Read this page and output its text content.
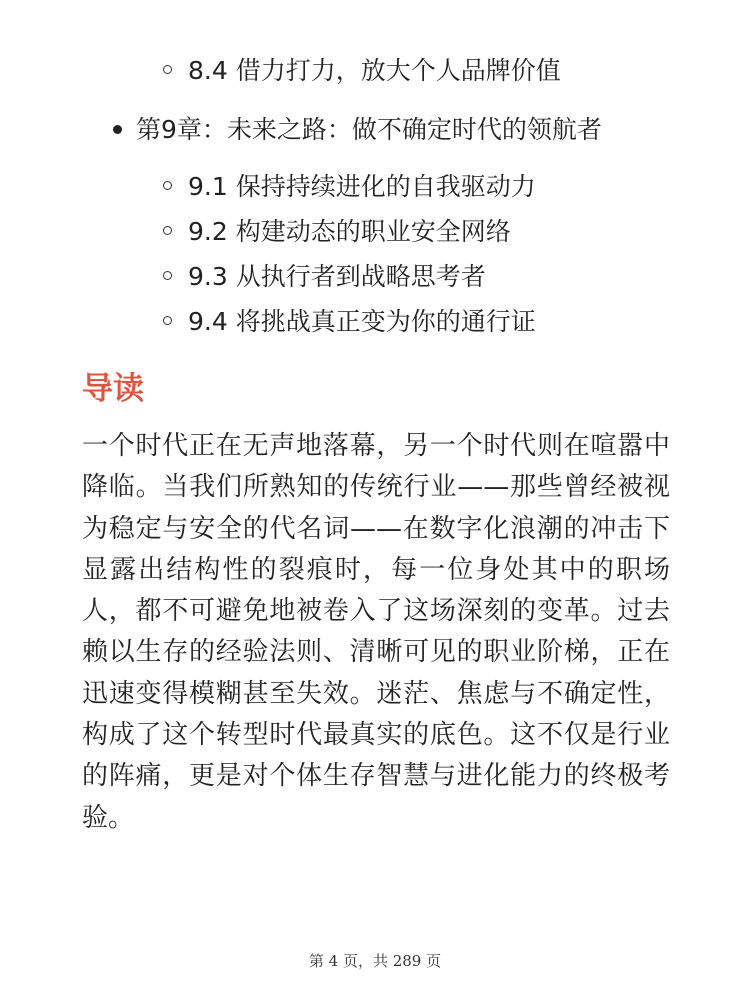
8.4 借力打力，放大个人品牌价值
第9章：未来之路：做不确定时代的领航者
9.1 保持持续进化的自我驱动力
9.2 构建动态的职业安全网络
9.3 从执行者到战略思考者
9.4 将挑战真正变为你的通行证
导读

一个时代正在无声地落幕，另一个时代则在喧嚣中降临。当我们所熟知的传统行业——那些曾经被视为稳定与安全的代名词——在数字化浪潮的冲击下显露出结构性的裂痕时，每一位身处其中的职场人，都不可避免地被卷入了这场深刻的变革。过去赖以生存的经验法则、清晰可见的职业阶梯，正在迅速变得模糊甚至失效。迷茫、焦虑与不确定性，构成了这个转型时代最真实的底色。这不仅是行业的阵痛，更是对个体生存智慧与进化能力的终极考验。

第 4 页，共 289 页
